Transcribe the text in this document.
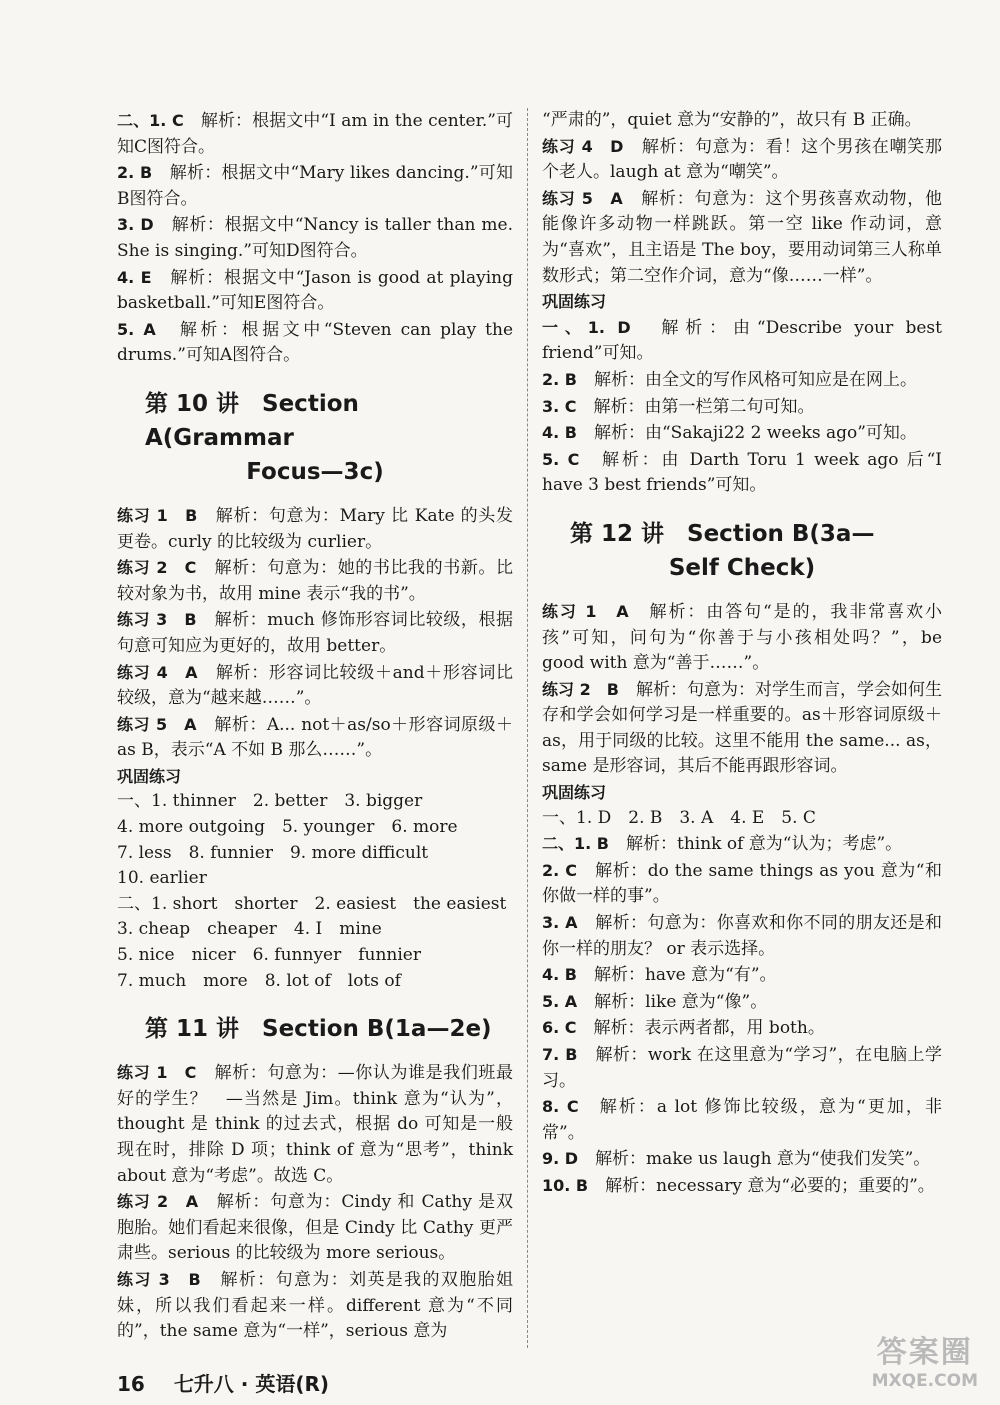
二、1. C　 解析：根据文中“I am in the center.”可知C图符合。

2. B　 解析：根据文中“Mary likes dancing.”可知B图符合。

3. D　 解析：根据文中“Nancy is taller than me. She is singing.”可知D图符合。

4. E　 解析：根据文中“Jason is good at playing basketball.”可知E图符合。

5. A　 解析：根据文中“Steven can play the drums.”可知A图符合。

第 10 讲　Section A(Grammar
Focus—3c)

练习 1　B　 解析：句意为：Mary 比 Kate 的头发更卷。curly 的比较级为 curlier。

练习 2　C　 解析：句意为：她的书比我的书新。比较对象为书，故用 mine 表示“我的书”。

练习 3　B　 解析：much 修饰形容词比较级，根据句意可知应为更好的，故用 better。

练习 4　A　 解析：形容词比较级＋and＋形容词比较级，意为“越来越……”。

练习 5　A　 解析：A... not＋as/so＋形容词原级＋as B，表示“A 不如 B 那么……”。

巩固练习

一、1. thinner　2. better　3. bigger

4. more outgoing　5. younger　6. more

7. less　8. funnier　9. more difficult

10. earlier

二、1. short　shorter　2. easiest　the easiest

3. cheap　cheaper　4. I　mine

5. nice　nicer　6. funnyer　funnier

7. much　more　8. lot of　lots of

第 11 讲　Section B(1a—2e)

练习 1　C　 解析：句意为：—你认为谁是我们班最好的学生？　—当然是 Jim。think 意为“认为”，thought 是 think 的过去式，根据 do 可知是一般现在时，排除 D 项；think of 意为“思考”，think about 意为“考虑”。故选 C。

练习 2　A　 解析：句意为：Cindy 和 Cathy 是双胞胎。她们看起来很像，但是 Cindy 比 Cathy 更严肃些。serious 的比较级为 more serious。

练习 3　B　 解析：句意为：刘英是我的双胞胎姐妹，所以我们看起来一样。different 意为“不同的”，the same 意为“一样”，serious 意为

“严肃的”，quiet 意为“安静的”，故只有 B 正确。

练习 4　D　 解析：句意为：看！这个男孩在嘲笑那个老人。laugh at 意为“嘲笑”。

练习 5　A　 解析：句意为：这个男孩喜欢动物，他能像许多动物一样跳跃。第一空 like 作动词，意为“喜欢”，且主语是 The boy，要用动词第三人称单数形式；第二空作介词，意为“像……一样”。

巩固练习

一、1. D　 解析：由“Describe your best friend”可知。

2. B　 解析：由全文的写作风格可知应是在网上。

3. C　 解析：由第一栏第二句可知。

4. B　 解析：由“Sakaji22 2 weeks ago”可知。

5. C　 解析：由 Darth Toru 1 week ago 后“I have 3 best friends”可知。

第 12 讲　Section B(3a—
Self Check)

练习 1　A　 解析：由答句“是的，我非常喜欢小孩”可知，问句为“你善于与小孩相处吗？”，be good with 意为“善于……”。

练习 2　B　 解析：句意为：对学生而言，学会如何生存和学会如何学习是一样重要的。as＋形容词原级＋as，用于同级的比较。这里不能用 the same... as，same 是形容词，其后不能再跟形容词。

巩固练习

一、1. D　2. B　3. A　4. E　5. C

二、1. B　 解析：think of 意为“认为；考虑”。

2. C　 解析：do the same things as you 意为“和你做一样的事”。

3. A　 解析：句意为：你喜欢和你不同的朋友还是和你一样的朋友？ or 表示选择。

4. B　 解析：have 意为“有”。

5. A　 解析：like 意为“像”。

6. C　 解析：表示两者都，用 both。

7. B　 解析：work 在这里意为“学习”，在电脑上学习。

8. C　 解析：a lot 修饰比较级，意为“更加，非常”。

9. D　 解析：make us laugh 意为“使我们发笑”。

10. B　 解析：necessary 意为“必要的；重要的”。

16 七升八 · 英语(R)
答案圈
MXQE.COM
